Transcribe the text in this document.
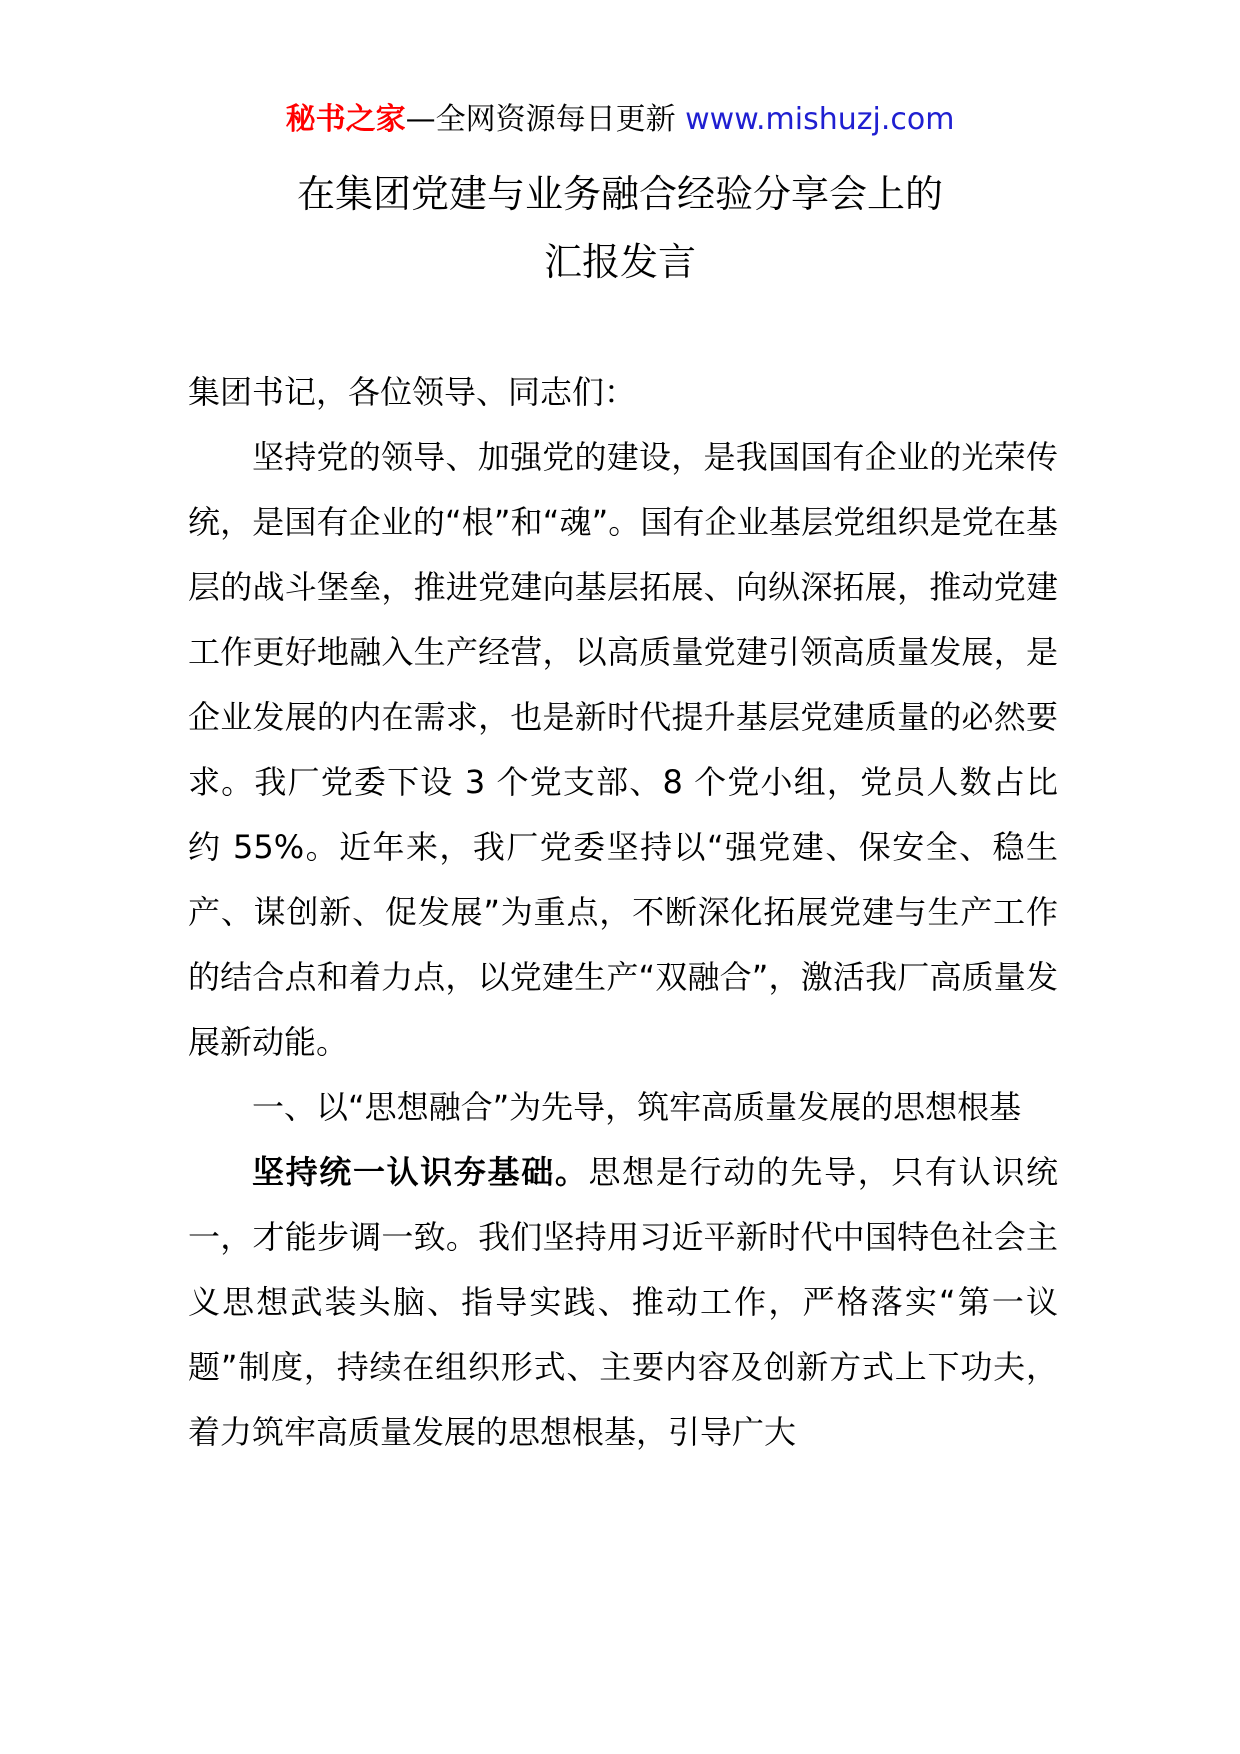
秘书之家—全网资源每日更新 www.mishuzj.com
在集团党建与业务融合经验分享会上的
汇报发言

集团书记，各位领导、同志们：

坚持党的领导、加强党的建设，是我国国有企业的光荣传统，是国有企业的“根”和“魂”。国有企业基层党组织是党在基层的战斗堡垒，推进党建向基层拓展、向纵深拓展，推动党建工作更好地融入生产经营，以高质量党建引领高质量发展，是企业发展的内在需求，也是新时代提升基层党建质量的必然要求。我厂党委下设 3 个党支部、8 个党小组，党员人数占比约 55%。近年来，我厂党委坚持以“强党建、保安全、稳生产、谋创新、促发展”为重点，不断深化拓展党建与生产工作的结合点和着力点，以党建生产“双融合”，激活我厂高质量发展新动能。

一、以“思想融合”为先导，筑牢高质量发展的思想根基

坚持统一认识夯基础。思想是行动的先导，只有认识统一，才能步调一致。我们坚持用习近平新时代中国特色社会主义思想武装头脑、指导实践、推动工作，严格落实“第一议题”制度，持续在组织形式、主要内容及创新方式上下功夫，着力筑牢高质量发展的思想根基，引导广大
